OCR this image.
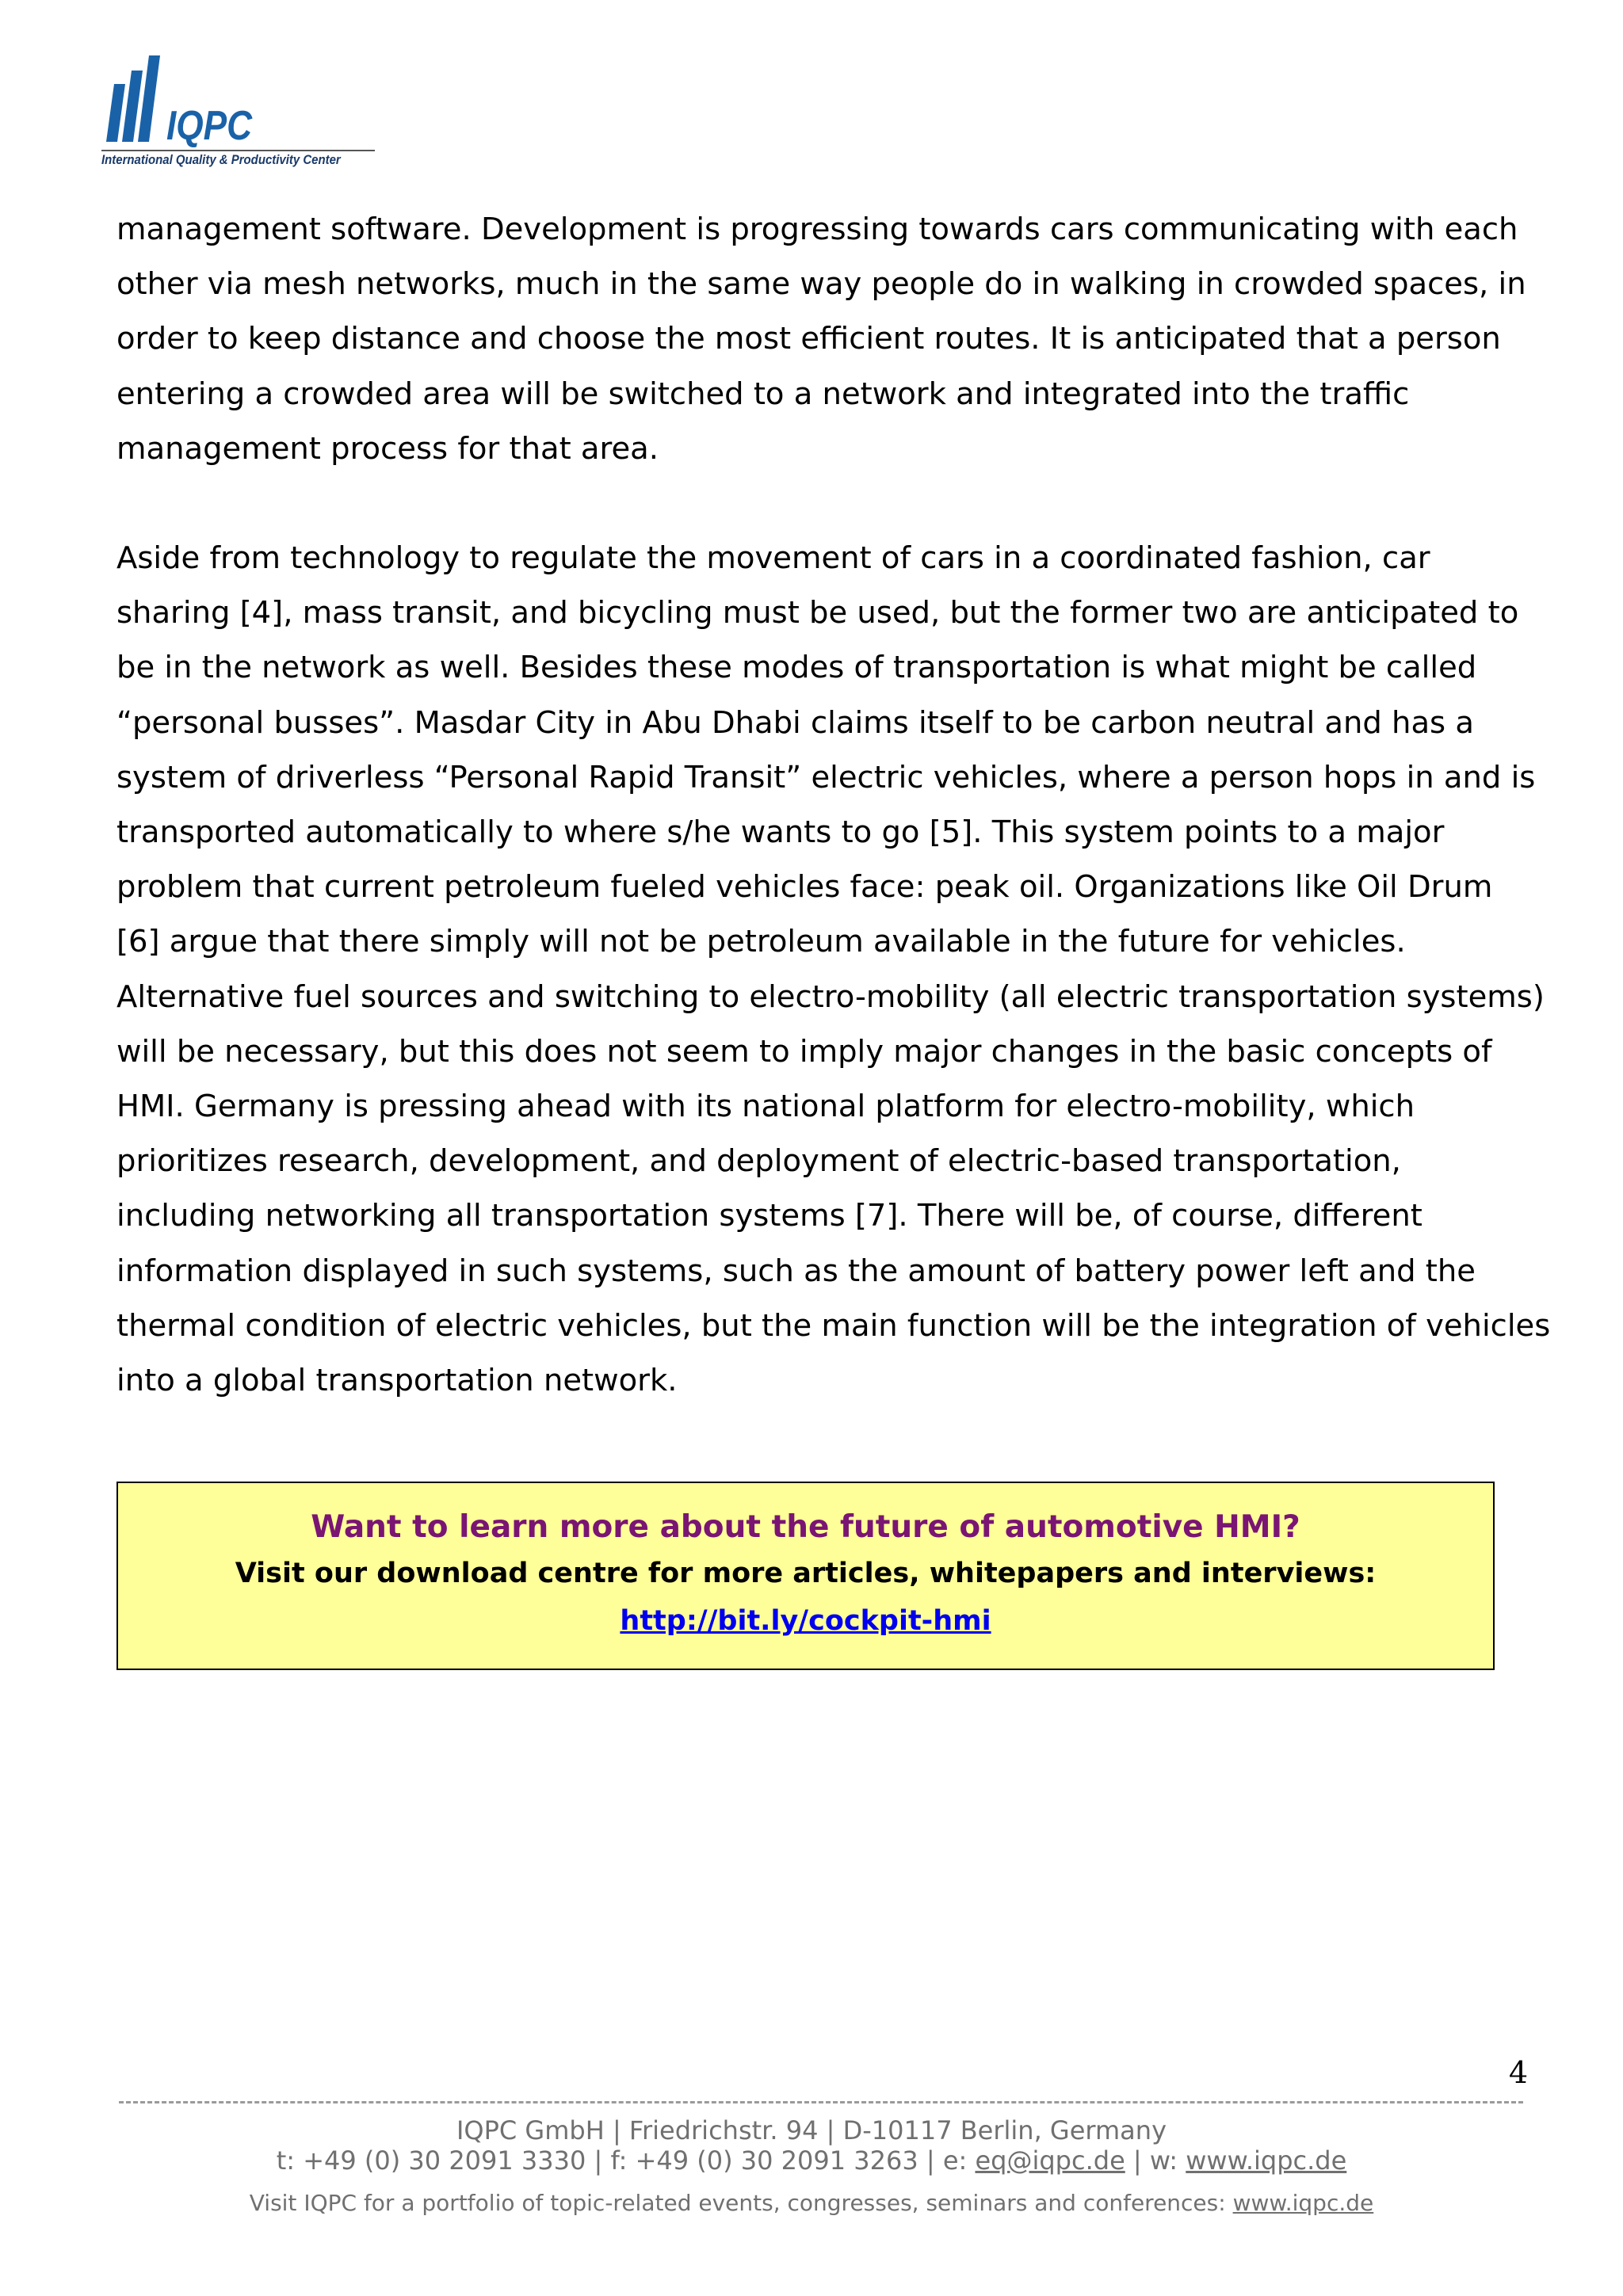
IQPC
International Quality & Productivity Center

management software. Development is progressing towards cars communicating with each

other via mesh networks, much in the same way people do in walking in crowded spaces, in

order to keep distance and choose the most efficient routes. It is anticipated that a person

entering a crowded area will be switched to a network and integrated into the traffic

management process for that area.

Aside from technology to regulate the movement of cars in a coordinated fashion, car

sharing [4], mass transit, and bicycling must be used, but the former two are anticipated to

be in the network as well. Besides these modes of transportation is what might be called

“personal busses”. Masdar City in Abu Dhabi claims itself to be carbon neutral and has a

system of driverless “Personal Rapid Transit” electric vehicles, where a person hops in and is

transported automatically to where s/he wants to go [5]. This system points to a major

problem that current petroleum fueled vehicles face: peak oil. Organizations like Oil Drum

[6] argue that there simply will not be petroleum available in the future for vehicles.

Alternative fuel sources and switching to electro-mobility (all electric transportation systems)

will be necessary, but this does not seem to imply major changes in the basic concepts of

HMI. Germany is pressing ahead with its national platform for electro-mobility, which

prioritizes research, development, and deployment of electric-based transportation,

including networking all transportation systems [7]. There will be, of course, different

information displayed in such systems, such as the amount of battery power left and the

thermal condition of electric vehicles, but the main function will be the integration of vehicles

into a global transportation network.

Want to learn more about the future of automotive HMI?
Visit our download centre for more articles, whitepapers and interviews:
http://bit.ly/cockpit-hmi
4
IQPC GmbH | Friedrichstr. 94 | D-10117 Berlin, Germany
t: +49 (0) 30 2091 3330 | f: +49 (0) 30 2091 3263 | e: eq@iqpc.de | w: www.iqpc.de
Visit IQPC for a portfolio of topic-related events, congresses, seminars and conferences: www.iqpc.de
